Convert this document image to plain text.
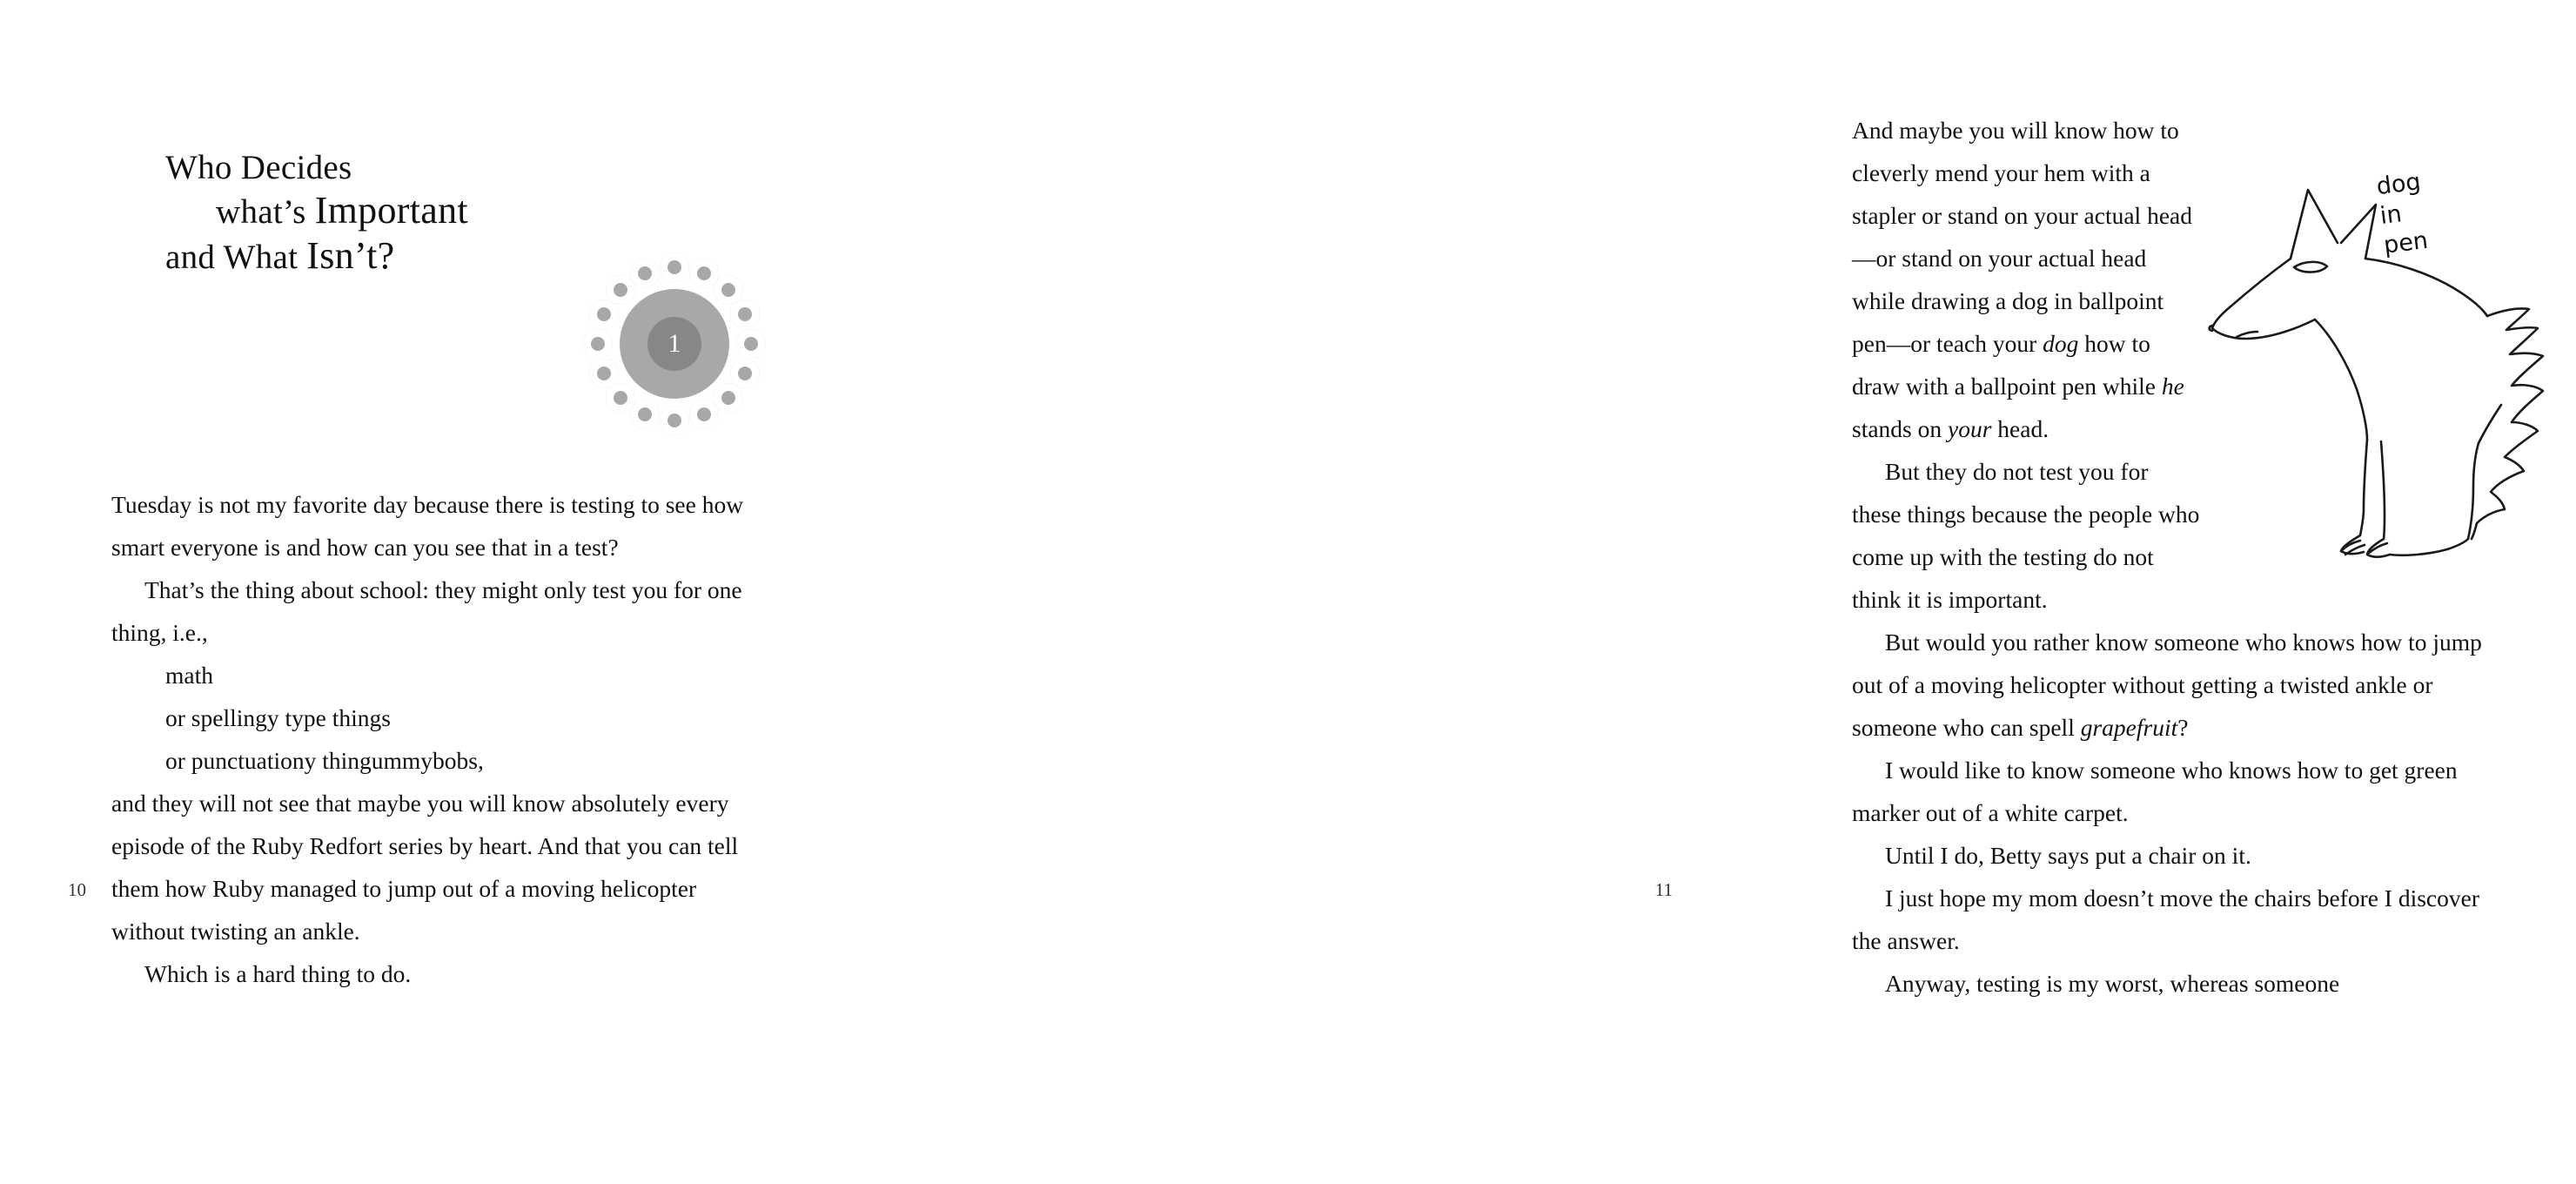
Who Decides
what’s Important
and What Isn’t?
1

Tuesday is not my favorite day because there is testing to see how smart everyone is and how can you see that in a test?

That’s the thing about school: they might only test you for one thing, i.e.,

math

or spellingy type things

or punctuationy thingummybobs,

and they will not see that maybe you will know absolutely every episode of the Ruby Redfort series by heart. And that you can tell them how Ruby managed to jump out of a moving helicopter without twisting an ankle.

Which is a hard thing to do.

10

And maybe you will know how to cleverly mend your hem with a stapler or stand on your actual head—or stand on your actual head while drawing a dog in ballpoint pen—or teach your dog how to draw with a ballpoint pen while he stands on your head.

But they do not test you for these things because the people who come up with the testing do not think it is important.

But would you rather know someone who knows how to jump out of a moving helicopter without getting a twisted ankle or someone who can spell grapefruit?

I would like to know someone who knows how to get green marker out of a white carpet.

Until I do, Betty says put a chair on it.

I just hope my mom doesn’t move the chairs before I discover the answer.

Anyway, testing is my worst, whereas someone

dog in
pen
11
